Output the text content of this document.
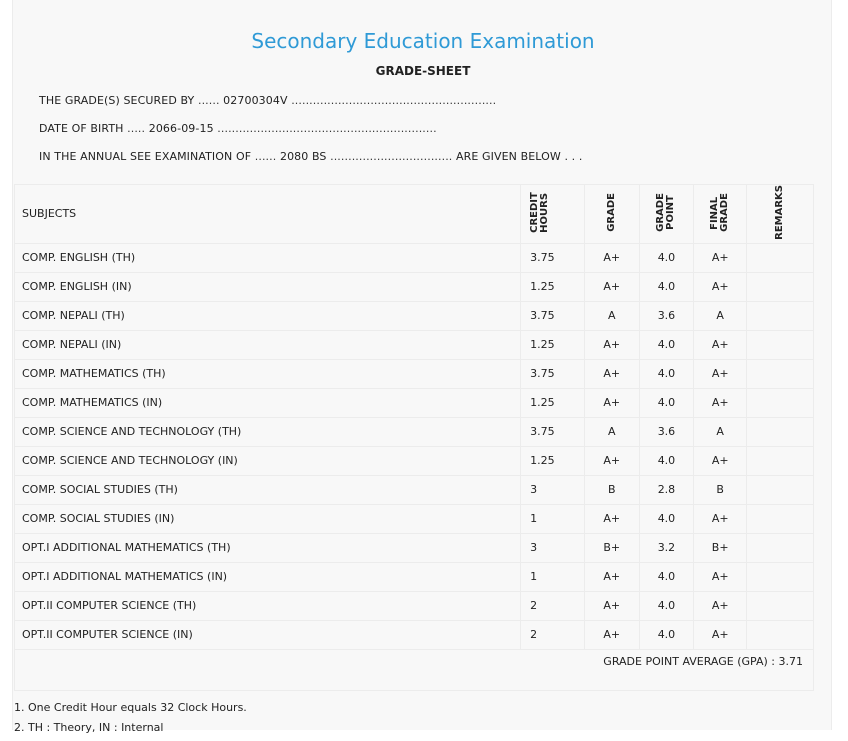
Secondary Education Examination
GRADE-SHEET
THE GRADE(S) SECURED BY ...... 02700304V .........................................................
DATE OF BIRTH ..... 2066-09-15 .............................................................
IN THE ANNUAL SEE EXAMINATION OF ...... 2080 BS .................................. ARE GIVEN BELOW . . .
SUBJECTS	CREDIT HOURS	GRADE	GRADE POINT	FINAL GRADE	REMARKS
COMP. ENGLISH (TH)	3.75	A+	4.0	A+	
COMP. ENGLISH (IN)	1.25	A+	4.0	A+	
COMP. NEPALI (TH)	3.75	A	3.6	A	
COMP. NEPALI (IN)	1.25	A+	4.0	A+	
COMP. MATHEMATICS (TH)	3.75	A+	4.0	A+	
COMP. MATHEMATICS (IN)	1.25	A+	4.0	A+	
COMP. SCIENCE AND TECHNOLOGY (TH)	3.75	A	3.6	A	
COMP. SCIENCE AND TECHNOLOGY (IN)	1.25	A+	4.0	A+	
COMP. SOCIAL STUDIES (TH)	3	B	2.8	B	
COMP. SOCIAL STUDIES (IN)	1	A+	4.0	A+	
OPT.I ADDITIONAL MATHEMATICS (TH)	3	B+	3.2	B+	
OPT.I ADDITIONAL MATHEMATICS (IN)	1	A+	4.0	A+	
OPT.II COMPUTER SCIENCE (TH)	2	A+	4.0	A+	
OPT.II COMPUTER SCIENCE (IN)	2	A+	4.0	A+	
GRADE POINT AVERAGE (GPA) : 3.71
1. One Credit Hour equals 32 Clock Hours.
2. TH : Theory, IN : Internal
